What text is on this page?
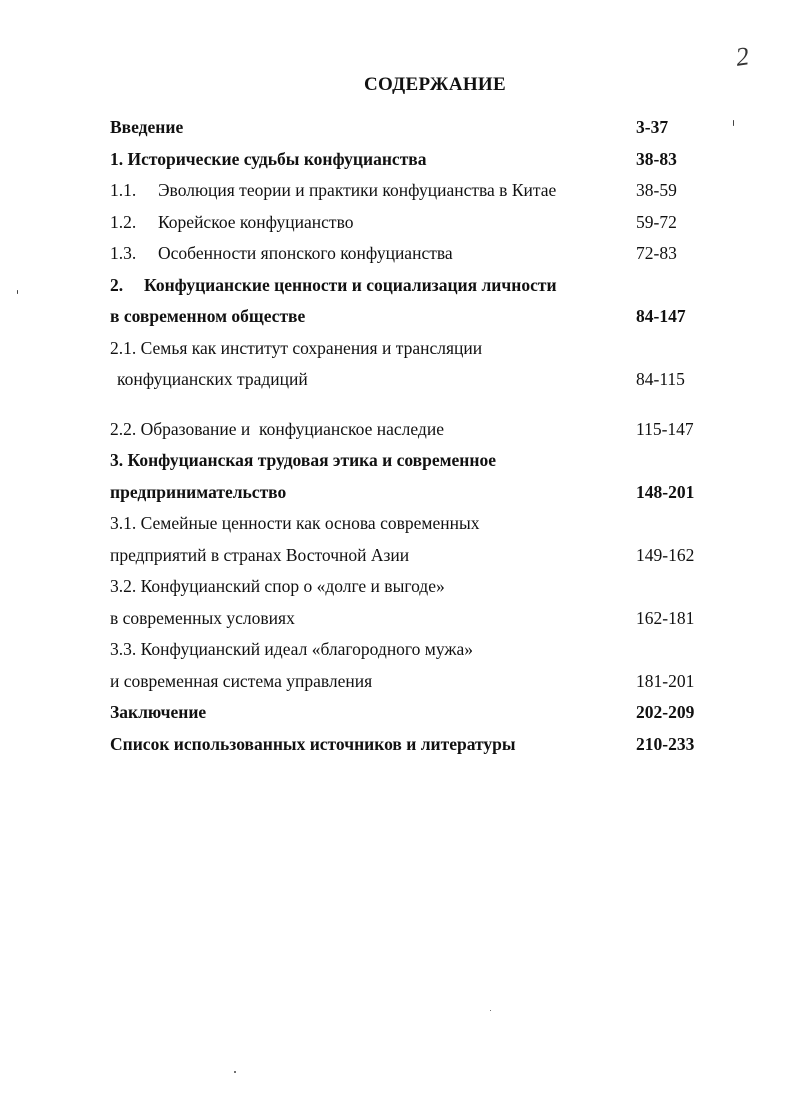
2
СОДЕРЖАНИЕ
Введение	3-37
1. Исторические судьбы конфуцианства	38-83
1.1. Эволюция теории и практики конфуцианства в Китае	38-59
1.2. Корейское конфуцианство	59-72
1.3. Особенности японского конфуцианства	72-83
2. Конфуцианские ценности и социализация личности
в современном обществе	84-147
2.1. Семья как институт сохранения и трансляции
конфуцианских традиций	84-115
2.2. Образование и  конфуцианское наследие	115-147
3. Конфуцианская трудовая этика и современное
предпринимательство	148-201
3.1. Семейные ценности как основа современных
предприятий в странах Восточной Азии	149-162
3.2. Конфуцианский спор о «долге и выгоде»
в современных условиях	162-181
3.3. Конфуцианский идеал «благородного мужа»
и современная система управления	181-201
Заключение	202-209
Список использованных источников и литературы	210-233
